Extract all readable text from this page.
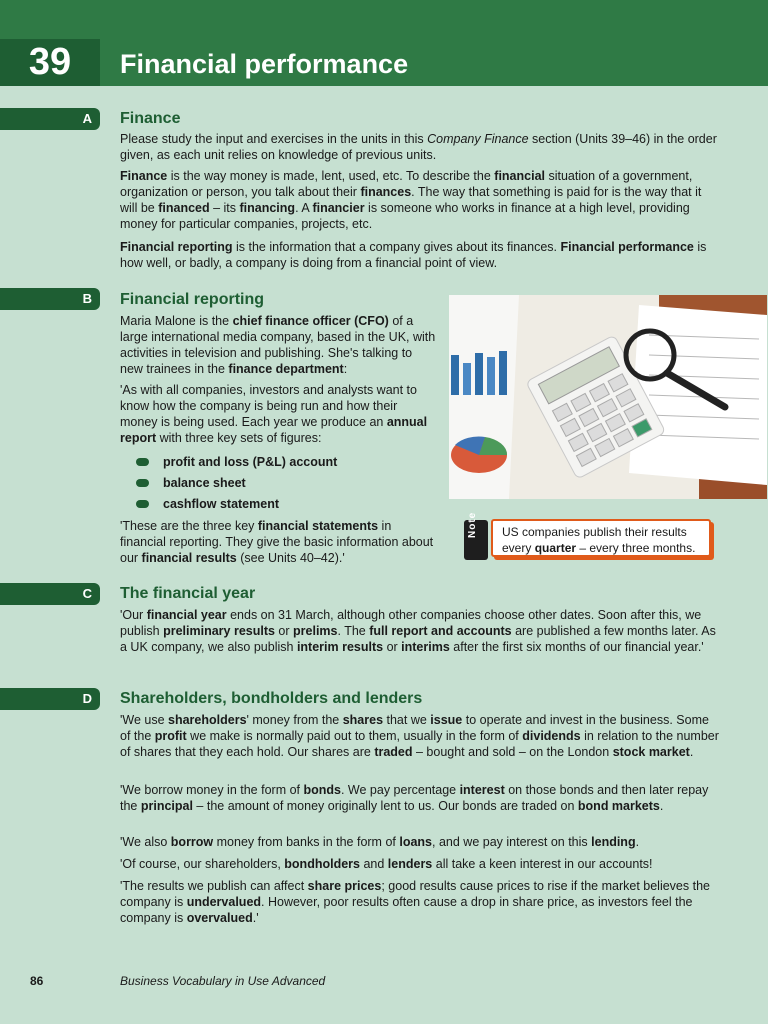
39	Financial performance
A Finance

Please study the input and exercises in the units in this Company Finance section (Units 39–46) in the order given, as each unit relies on knowledge of previous units.

Finance is the way money is made, lent, used, etc. To describe the financial situation of a government, organization or person, you talk about their finances. The way that something is paid for is the way that it will be financed – its financing. A financier is someone who works in finance at a high level, providing money for particular companies, projects, etc.

Financial reporting is the information that a company gives about its finances. Financial performance is how well, or badly, a company is doing from a financial point of view.

B Financial reporting

Maria Malone is the chief finance officer (CFO) of a large international media company, based in the UK, with activities in television and publishing. She's talking to new trainees in the finance department:

'As with all companies, investors and analysts want to know how the company is being run and how their money is being used. Each year we produce an annual report with three key sets of figures:

profit and loss (P&L) account
balance sheet
cashflow statement

'These are the three key financial statements in financial reporting. They give the basic information about our financial results (see Units 40–42).'

Note	US companies publish their results every quarter – every three months.
C The financial year

'Our financial year ends on 31 March, although other companies choose other dates. Soon after this, we publish preliminary results or prelims. The full report and accounts are published a few months later. As a UK company, we also publish interim results or interims after the first six months of our financial year.'

D Shareholders, bondholders and lenders

'We use shareholders' money from the shares that we issue to operate and invest in the business. Some of the profit we make is normally paid out to them, usually in the form of dividends in relation to the number of shares that they each hold. Our shares are traded – bought and sold – on the London stock market.

'We borrow money in the form of bonds. We pay percentage interest on those bonds and then later repay the principal – the amount of money originally lent to us. Our bonds are traded on bond markets.

'We also borrow money from banks in the form of loans, and we pay interest on this lending.

'Of course, our shareholders, bondholders and lenders all take a keen interest in our accounts!

'The results we publish can affect share prices; good results cause prices to rise if the market believes the company is undervalued. However, poor results often cause a drop in share price, as investors feel the company is overvalued.'

86	Business Vocabulary in Use Advanced
